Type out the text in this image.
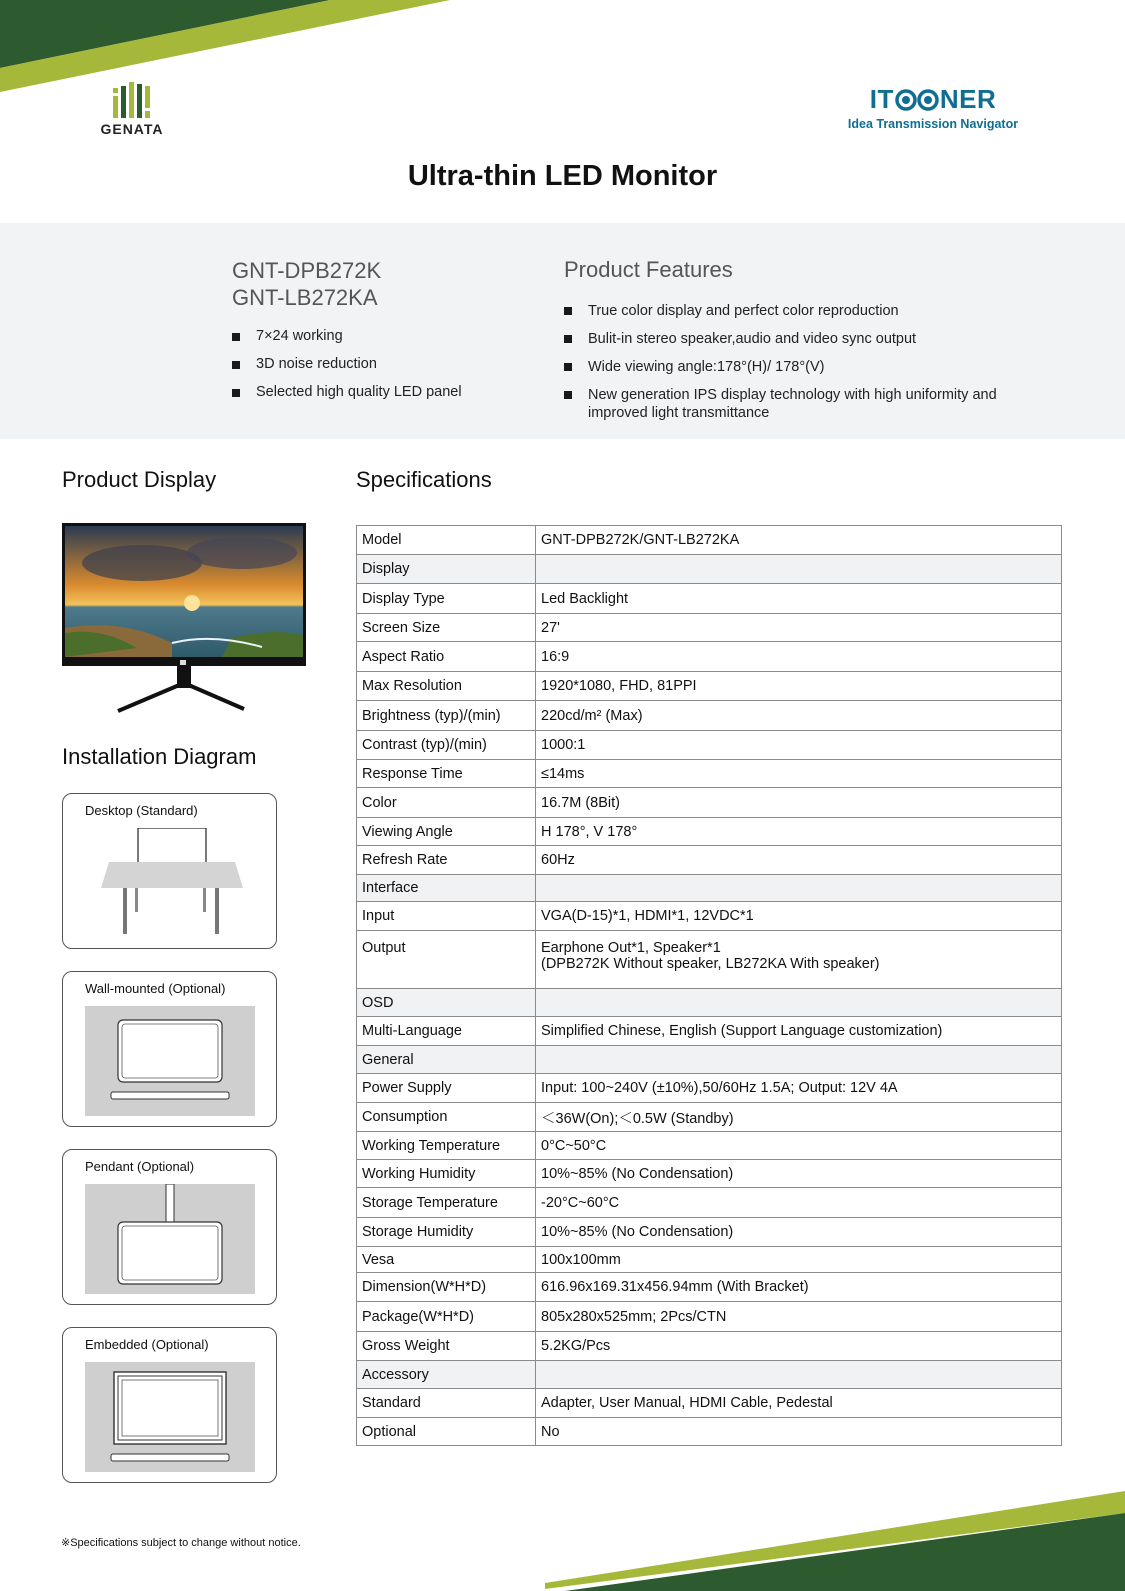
GENATA
IT NER
Idea Transmission Navigator
Ultra-thin LED Monitor
GNT-DPB272K
GNT-LB272KA
7×24 working
3D noise reduction
Selected high quality LED panel
Product Features
True color display and perfect color reproduction
Bulit-in stereo speaker,audio and video sync output
Wide viewing angle:178°(H)/ 178°(V)
New generation IPS display technology with high uniformity and improved light transmittance
Product Display
Installation Diagram
Desktop (Standard)
Wall-mounted (Optional)
Pendant (Optional)
Embedded (Optional)
Specifications
Model	GNT-DPB272K/GNT-LB272KA
Display	
Display Type	Led Backlight
Screen Size	27'
Aspect Ratio	16:9
Max Resolution	1920*1080, FHD, 81PPI
Brightness (typ)/(min)	220cd/m² (Max)
Contrast (typ)/(min)	1000:1
Response Time	≤14ms
Color	16.7M (8Bit)
Viewing Angle	H 178°, V 178°
Refresh Rate	60Hz
Interface	
Input	VGA(D-15)*1, HDMI*1, 12VDC*1
Output	Earphone Out*1, Speaker*1
(DPB272K Without speaker, LB272KA With speaker)

OSD	
Multi-Language	Simplified Chinese, English (Support Language customization)
General	
Power Supply	Input: 100~240V (±10%),50/60Hz 1.5A; Output: 12V 4A
Consumption	＜36W(On);＜0.5W (Standby)
Working Temperature	0°C~50°C
Working Humidity	10%~85% (No Condensation)
Storage Temperature	-20°C~60°C
Storage Humidity	10%~85% (No Condensation)
Vesa	100x100mm
Dimension(W*H*D)	616.96x169.31x456.94mm (With Bracket)
Package(W*H*D)	805x280x525mm; 2Pcs/CTN
Gross Weight	5.2KG/Pcs
Accessory	
Standard	Adapter, User Manual, HDMI Cable, Pedestal
Optional	No
※Specifications subject to change without notice.
